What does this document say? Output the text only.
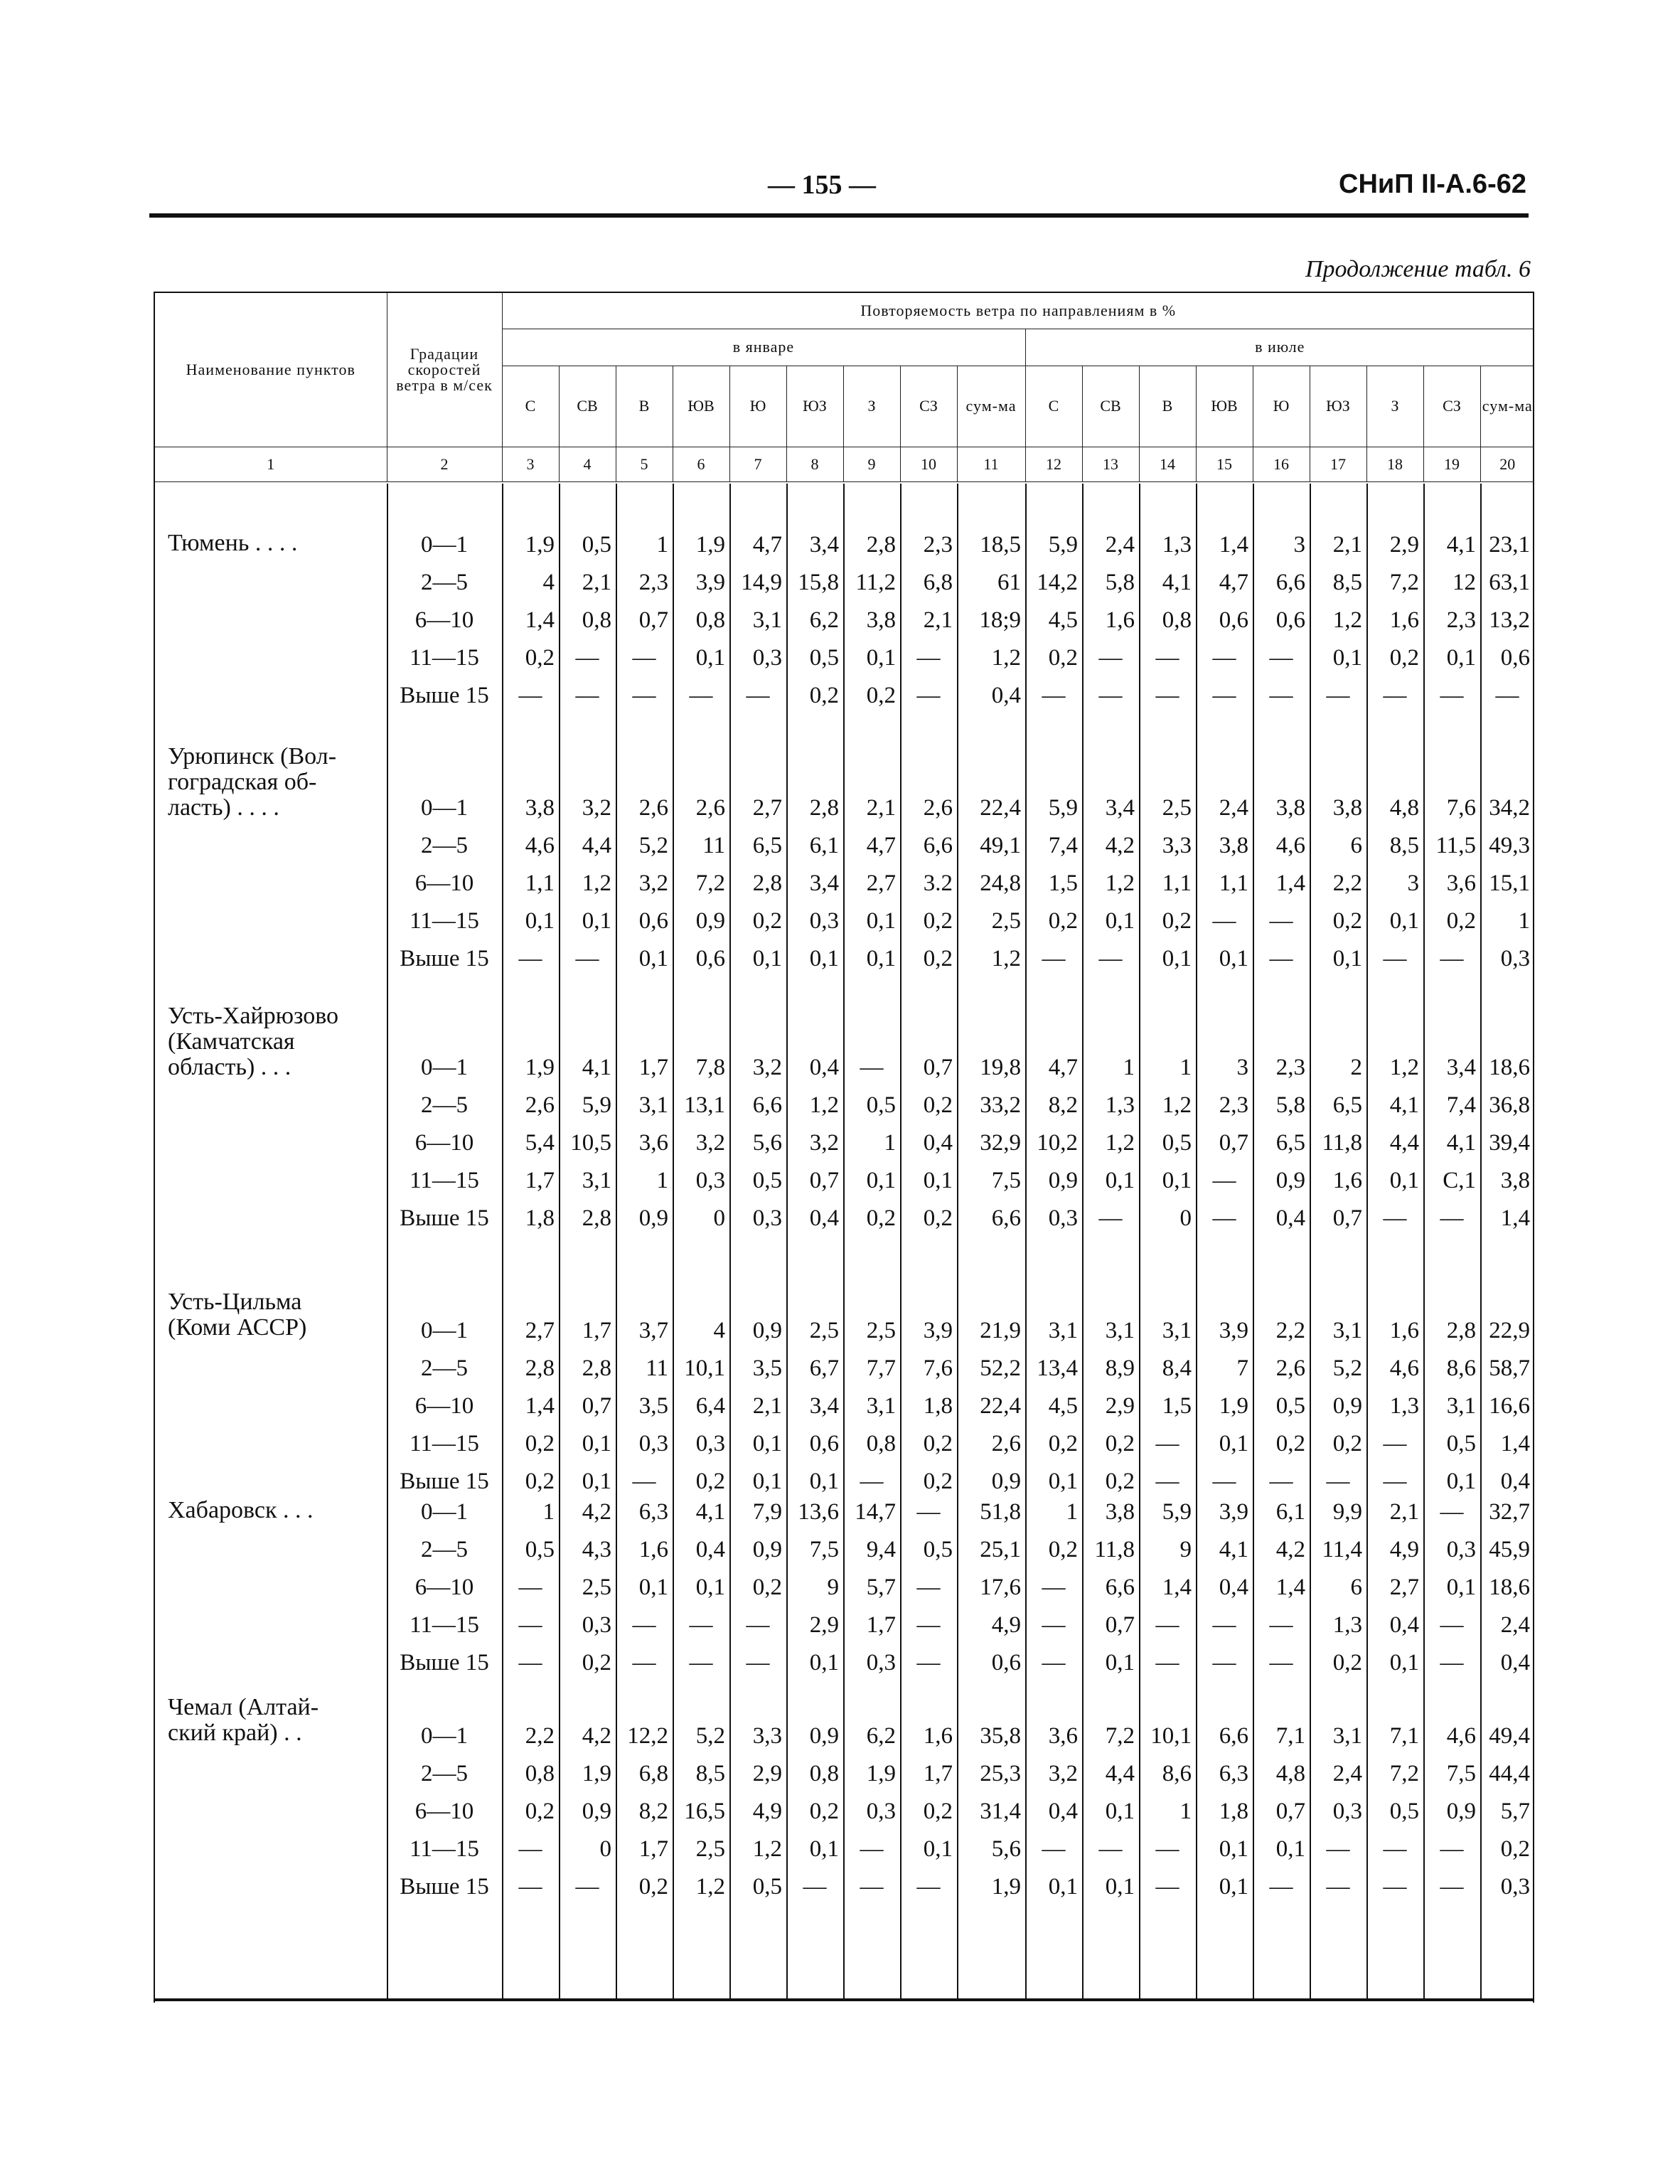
— 155 —	СНиП II-А.6-62
Продолжение табл. 6
Наименование пунктов	Градации скоростей ветра в м/сек	Повторяемость ветра по направлениям в %																	
		в январе									в июле								
		С	СВ	В	ЮВ	Ю	ЮЗ	З	СЗ	сум-ма	С	СВ	В	ЮВ	Ю	ЮЗ	З	СЗ	сум-ма
1	2	3	4	5	6	7	8	9	10	11	12	13	14	15	16	17	18	19	20
Тюмень . . . .	0—1	1,9	0,5	1	1,9	4,7	3,4	2,8	2,3	18,5	5,9	2,4	1,3	1,4	3	2,1	2,9	4,1 23,1
2—5	4	2,1	2,3	3,9 14,9 15,8 11,2	6,8	61 14,2	5,8	4,1	4,7	6,6	8,5	7,2	12 63,1
6—10	1,4	0,8	0,7	0,8	3,1	6,2	3,8	2,1	18;9	4,5	1,6	0,8	0,6	0,6	1,2	1,6	2,3 13,2
11—15	0,2 —	—	0,1	0,3	0,5	0,1 —	1,2	0,2 —	—	—	—	0,1	0,2	0,1	0,6
Выше 15	—	—	—	—	—	0,2	0,2 —	0,4 —	—	—	—	—	—	—	—	—
Урюпинск (Вол-
гоградская об-
ласть) . . . .	0—1	3,8	3,2	2,6	2,6	2,7	2,8	2,1	2,6	22,4	5,9	3,4	2,5	2,4	3,8	3,8	4,8	7,6 34,2
2—5	4,6	4,4	5,2	11	6,5	6,1	4,7	6,6	49,1	7,4	4,2	3,3	3,8	4,6	6	8,5 11,5 49,3
6—10	1,1	1,2	3,2	7,2	2,8	3,4	2,7	3.2	24,8	1,5	1,2	1,1	1,1	1,4	2,2	3	3,6 15,1
11—15	0,1	0,1	0,6	0,9	0,2	0,3	0,1	0,2	2,5	0,2	0,1	0,2 —	—	0,2	0,1	0,2	1
Выше 15	—	—	0,1	0,6	0,1	0,1	0,1	0,2	1,2 —	—	0,1	0,1 —	0,1 —	—	0,3
Усть-Хайрюзово
(Камчатская
область) . . .	0—1	1,9	4,1	1,7	7,8	3,2	0,4 —	0,7	19,8	4,7	1	1	3	2,3	2	1,2	3,4 18,6
2—5	2,6	5,9	3,1 13,1	6,6	1,2	0,5	0,2	33,2	8,2	1,3	1,2	2,3	5,8	6,5	4,1	7,4 36,8
6—10	5,4 10,5	3,6	3,2	5,6	3,2	1	0,4	32,9 10,2	1,2	0,5	0,7	6,5 11,8	4,4	4,1 39,4
11—15	1,7	3,1	1	0,3	0,5	0,7	0,1	0,1	7,5	0,9	0,1	0,1 —	0,9	1,6	0,1	С,1	3,8
Выше 15	1,8	2,8	0,9	0	0,3	0,4	0,2	0,2	6,6	0,3 —	0 —	0,4	0,7 —	—	1,4
Усть-Цильма
(Коми АССР)	0—1	2,7	1,7	3,7	4	0,9	2,5	2,5	3,9	21,9	3,1	3,1	3,1	3,9	2,2	3,1	1,6	2,8 22,9
2—5	2,8	2,8	11 10,1	3,5	6,7	7,7	7,6	52,2 13,4	8,9	8,4	7	2,6	5,2	4,6	8,6 58,7
6—10	1,4	0,7	3,5	6,4	2,1	3,4	3,1	1,8	22,4	4,5	2,9	1,5	1,9	0,5	0,9	1,3	3,1 16,6
11—15	0,2	0,1	0,3	0,3	0,1	0,6	0,8	0,2	2,6	0,2	0,2 —	0,1	0,2	0,2 —	0,5	1,4
Выше 15	0,2	0,1 —	0,2	0,1	0,1 —	0,2	0,9	0,1	0,2 —	—	—	—	—	0,1	0,4
Хабаровск . . .	0—1	1	4,2	6,3	4,1	7,9 13,6 14,7 —	51,8	1	3,8	5,9	3,9	6,1	9,9	2,1 —	32,7
2—5	0,5	4,3	1,6	0,4	0,9	7,5	9,4	0,5	25,1	0,2 11,8	9	4,1	4,2 11,4	4,9	0,3 45,9
6—10	—	2,5	0,1	0,1	0,2	9	5,7 —	17,6 —	6,6	1,4	0,4	1,4	6	2,7	0,1 18,6
11—15	—	0,3 —	—	—	2,9	1,7 —	4,9 —	0,7 —	—	—	1,3	0,4 —	2,4
Выше 15	—	0,2 —	—	—	0,1	0,3 —	0,6 —	0,1 —	—	—	0,2	0,1 —	0,4
Чемал (Алтай-
ский край) . .	0—1	2,2	4,2 12,2	5,2	3,3	0,9	6,2	1,6	35,8	3,6	7,2 10,1	6,6	7,1	3,1	7,1	4,6 49,4
2—5	0,8	1,9	6,8	8,5	2,9	0,8	1,9	1,7	25,3	3,2	4,4	8,6	6,3	4,8	2,4	7,2	7,5 44,4
6—10	0,2	0,9	8,2 16,5	4,9	0,2	0,3	0,2	31,4	0,4	0,1	1	1,8	0,7	0,3	0,5	0,9	5,7
11—15	—	0	1,7	2,5	1,2	0,1 —	0,1	5,6 —	—	—	0,1	0,1 —	—	—	0,2
Выше 15	—	—	0,2	1,2	0,5 —	—	—	1,9	0,1	0,1 —	0,1 —	—	—	—	0,3
